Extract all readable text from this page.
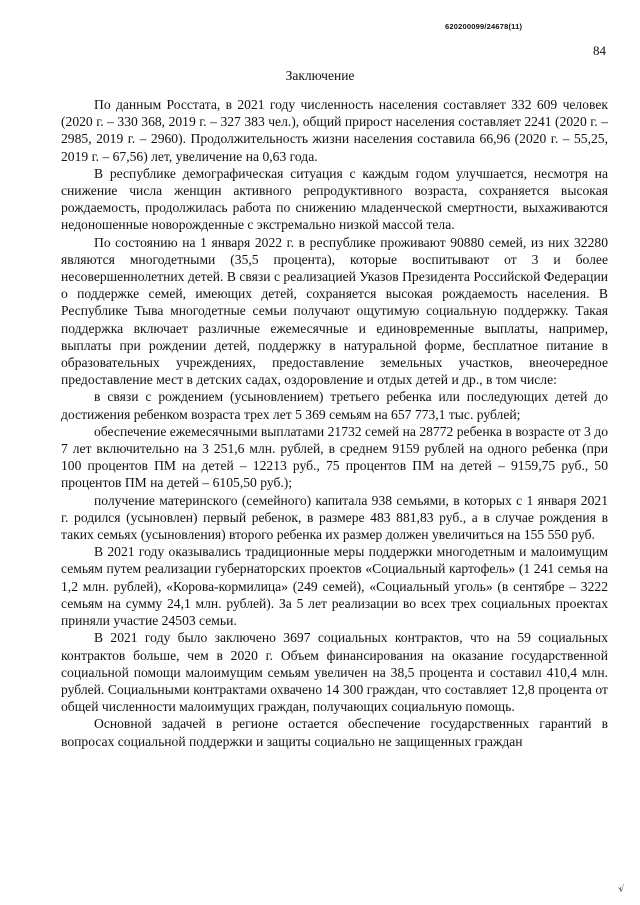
620200099/24678(11)
84
Заключение

По данным Росстата, в 2021 году численность населения составляет 332 609 человек (2020 г. – 330 368, 2019 г. – 327 383 чел.), общий прирост населения составляет 2241 (2020 г. – 2985, 2019 г. – 2960). Продолжительность жизни населения составила 66,96 (2020 г. – 55,25, 2019 г. – 67,56) лет, увеличение на 0,63 года.

В республике демографическая ситуация с каждым годом улучшается, несмотря на снижение числа женщин активного репродуктивного возраста, сохраняется высокая рождаемость, продолжилась работа по снижению младенческой смертности, выхаживаются недоношенные новорожденные с экстремально низкой массой тела.

По состоянию на 1 января 2022 г. в республике проживают 90880 семей, из них 32280 являются многодетными (35,5 процента), которые воспитывают от 3 и более несовершеннолетних детей. В связи с реализацией Указов Президента Российской Федерации о поддержке семей, имеющих детей, сохраняется высокая рождаемость населения. В Республике Тыва многодетные семьи получают ощутимую социальную поддержку. Такая поддержка включает различные ежемесячные и единовременные выплаты, например, выплаты при рождении детей, поддержку в натуральной форме, бесплатное питание в образовательных учреждениях, предоставление земельных участков, внеочередное предоставление мест в детских садах, оздоровление и отдых детей и др., в том числе:

в связи с рождением (усыновлением) третьего ребенка или последующих детей до достижения ребенком возраста трех лет 5 369 семьям на 657 773,1 тыс. рублей;

обеспечение ежемесячными выплатами 21732 семей на 28772 ребенка в возрасте от 3 до 7 лет включительно на 3 251,6 млн. рублей, в среднем 9159 рублей на одного ребенка (при 100 процентов ПМ на детей – 12213 руб., 75 процентов ПМ на детей – 9159,75 руб., 50 процентов ПМ на детей – 6105,50 руб.);

получение материнского (семейного) капитала 938 семьями, в которых с 1 января 2021 г. родился (усыновлен) первый ребенок, в размере 483 881,83 руб., а в случае рождения в таких семьях (усыновления) второго ребенка их размер должен увеличиться на 155 550 руб.

В 2021 году оказывались традиционные меры поддержки многодетным и малоимущим семьям путем реализации губернаторских проектов «Социальный картофель» (1 241 семья на 1,2 млн. рублей), «Корова-кормилица» (249 семей), «Социальный уголь» (в сентябре – 3222 семьям на сумму 24,1 млн. рублей). За 5 лет реализации во всех трех социальных проектах приняли участие 24503 семьи.

В 2021 году было заключено 3697 социальных контрактов, что на 59 социальных контрактов больше, чем в 2020 г. Объем финансирования на оказание государственной социальной помощи малоимущим семьям увеличен на 38,5 процента и составил 410,4 млн. рублей. Социальными контрактами охвачено 14 300 граждан, что составляет 12,8 процента от общей численности малоимущих граждан, получающих социальную помощь.

Основной задачей в регионе остается обеспечение государственных гарантий в вопросах социальной поддержки и защиты социально не защищенных граждан

ɤ∕
